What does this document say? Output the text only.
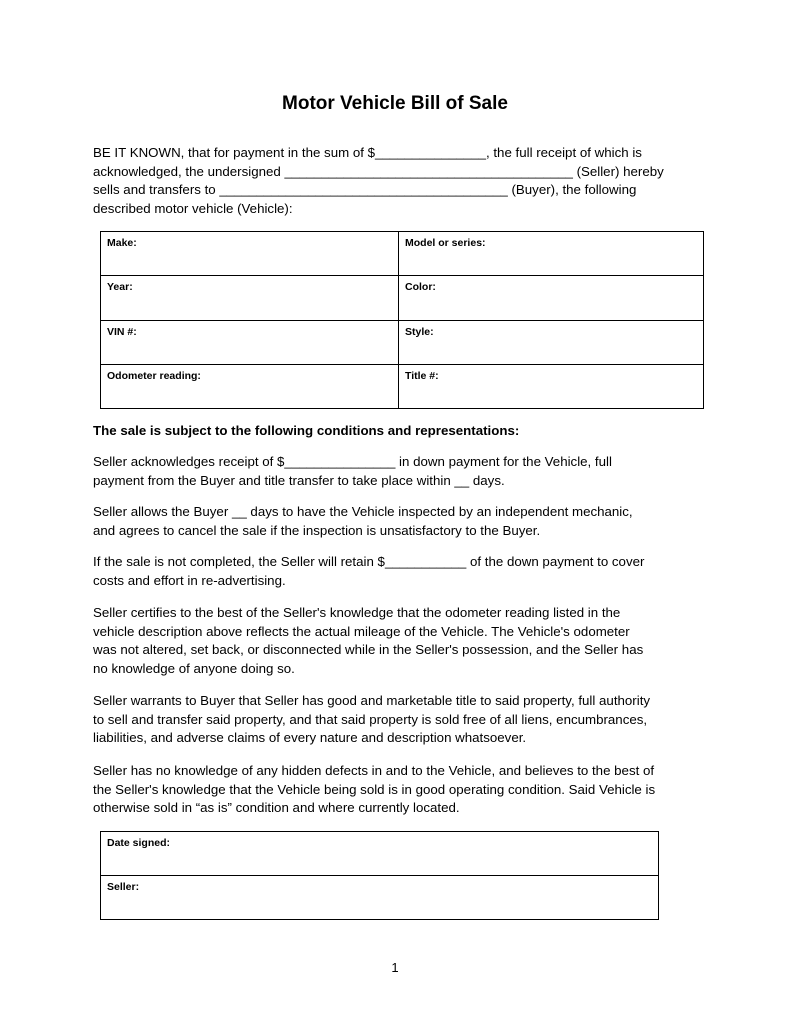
Motor Vehicle Bill of Sale

BE IT KNOWN, that for payment in the sum of $_______________, the full receipt of which is
acknowledged, the undersigned _______________________________________ (Seller) hereby
sells and transfers to _______________________________________ (Buyer), the following
described motor vehicle (Vehicle):

Make:	Model or series:
Year:	Color:
VIN #:	Style:
Odometer reading:	Title #:

The sale is subject to the following conditions and representations:

Seller acknowledges receipt of $_______________ in down payment for the Vehicle, full
payment from the Buyer and title transfer to take place within __ days.

Seller allows the Buyer __ days to have the Vehicle inspected by an independent mechanic,
and agrees to cancel the sale if the inspection is unsatisfactory to the Buyer.

If the sale is not completed, the Seller will retain $___________ of the down payment to cover
costs and effort in re-advertising.

Seller certifies to the best of the Seller's knowledge that the odometer reading listed in the
vehicle description above reflects the actual mileage of the Vehicle. The Vehicle's odometer
was not altered, set back, or disconnected while in the Seller's possession, and the Seller has
no knowledge of anyone doing so.

Seller warrants to Buyer that Seller has good and marketable title to said property, full authority
to sell and transfer said property, and that said property is sold free of all liens, encumbrances,
liabilities, and adverse claims of every nature and description whatsoever.

Seller has no knowledge of any hidden defects in and to the Vehicle, and believes to the best of
the Seller's knowledge that the Vehicle being sold is in good operating condition. Said Vehicle is
otherwise sold in “as is” condition and where currently located.

Date signed:
Seller:

1
